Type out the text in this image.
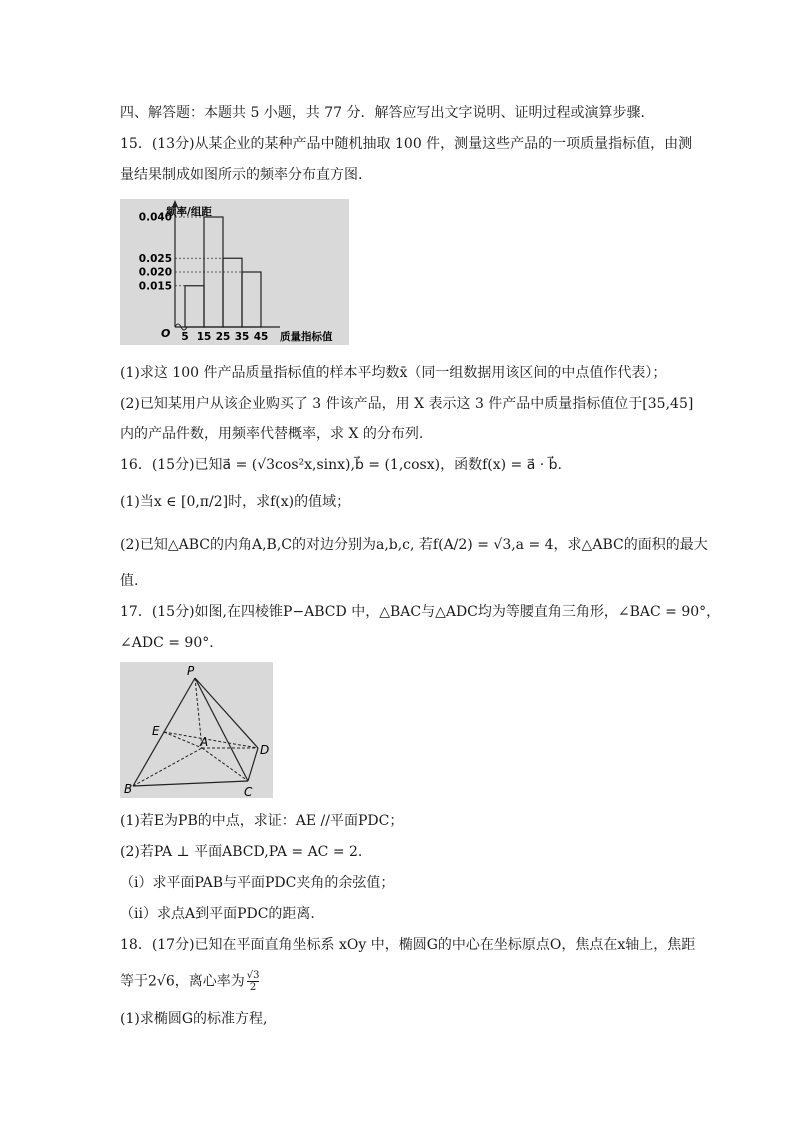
四、解答题：本题共 5 小题，共 77 分．解答应写出文字说明、证明过程或演算步骤．
15．(13分)从某企业的某种产品中随机抽取 100 件，测量这些产品的一项质量指标值，由测
量结果制成如图所示的频率分布直方图.
0.040
0.025
0.020
0.015
5 15 25 35 45
频率/组距
质量指标值
O
(1)求这 100 件产品质量指标值的样本平均数x̄（同一组数据用该区间的中点值作代表）；
(2)已知某用户从该企业购买了 3 件该产品，用 X 表示这 3 件产品中质量指标值位于[35,45]
内的产品件数，用频率代替概率，求 X 的分布列.
16．(15分)已知a⃗ = (√3cos²x,sinx),b⃗ = (1,cosx)，函数f(x) = a⃗ · b⃗.
(1)当x ∈ [0,π/2]时，求f(x)的值域；
(2)已知△ABC的内角A,B,C的对边分别为a,b,c, 若f(A/2) = √3,a = 4，求△ABC的面积的最大
值.
17．(15分)如图,在四棱锥P−ABCD 中，△BAC与△ADC均为等腰直角三角形，∠BAC = 90°，
∠ADC = 90°.
P
E
A
D
B	C
(1)若E为PB的中点，求证：AE //平面PDC；
(2)若PA ⊥ 平面ABCD,PA = AC = 2.
（i）求平面PAB与平面PDC夹角的余弦值；
（ii）求点A到平面PDC的距离.
18．(17分)已知在平面直角坐标系 xOy 中，椭圆G的中心在坐标原点O，焦点在x轴上，焦距
等于2√6，离心率为 $\frac{√3}{2}$
(1)求椭圆G的标准方程,
